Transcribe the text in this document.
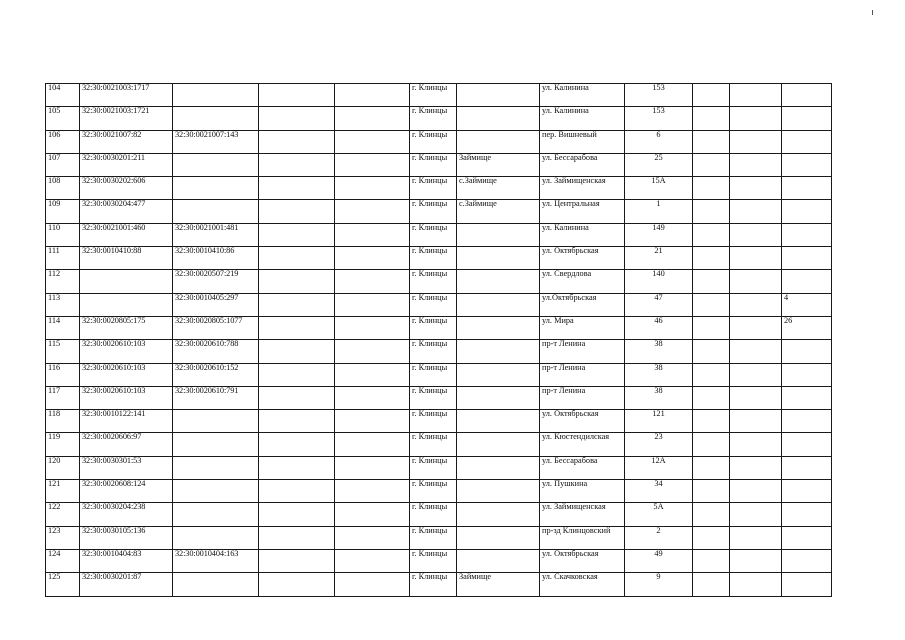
104	32:30:0021003:1717				г. Клинцы		ул. Калинина	153			
105	32:30:0021003:1721				г. Клинцы		ул. Калинина	153			
106	32:30:0021007:82	32:30:0021007:143			г. Клинцы		пер. Вишневый	6			
107	32:30:0030201:211				г. Клинцы	Займище	ул. Бессарабова	25			
108	32:30:0030202:606				г. Клинцы	с.Займище	ул. Займищенская	15А			
109	32:30:0030204:477				г. Клинцы	с.Займище	ул. Центральная	1			
110	32:30:0021001:460	32:30:0021001:481			г. Клинцы		ул. Калинина	149			
111	32:30:0010410:88	32:30:0010410:86			г. Клинцы		ул. Октябрьская	21			
112		32:30:0020507:219			г. Клинцы		ул. Свердлова	140			
113		32:30:0010405:297			г. Клинцы		ул.Октябрьская	47			4
114	32:30:0020805:175	32:30:0020805:1077			г. Клинцы		ул. Мира	46			26
115	32:30:0020610:103	32:30:0020610:788			г. Клинцы		пр-т Ленина	38			
116	32:30:0020610:103	32:30:0020610:152			г. Клинцы		пр-т Ленина	38			
117	32:30:0020610:103	32:30:0020610:791			г. Клинцы		пр-т Ленина	38			
118	32:30:0010122:141				г. Клинцы		ул. Октябрьская	121			
119	32:30:0020606:97				г. Клинцы		ул. Кюстендилская	23			
120	32:30:0030301:53				г. Клинцы		ул. Бессарабова	12А			
121	32:30:0020608:124				г. Клинцы		ул. Пушкина	34			
122	32:30:0030204:238				г. Клинцы		ул. Займищенская	5А			
123	32:30:0030105:136				г. Клинцы		пр-зд Клинцовский	2			
124	32:30:0010404:83	32:30:0010404:163			г. Клинцы		ул. Октябрьская	49			
125	32:30:0030201:87				г. Клинцы	Займище	ул. Скачковская	9			
